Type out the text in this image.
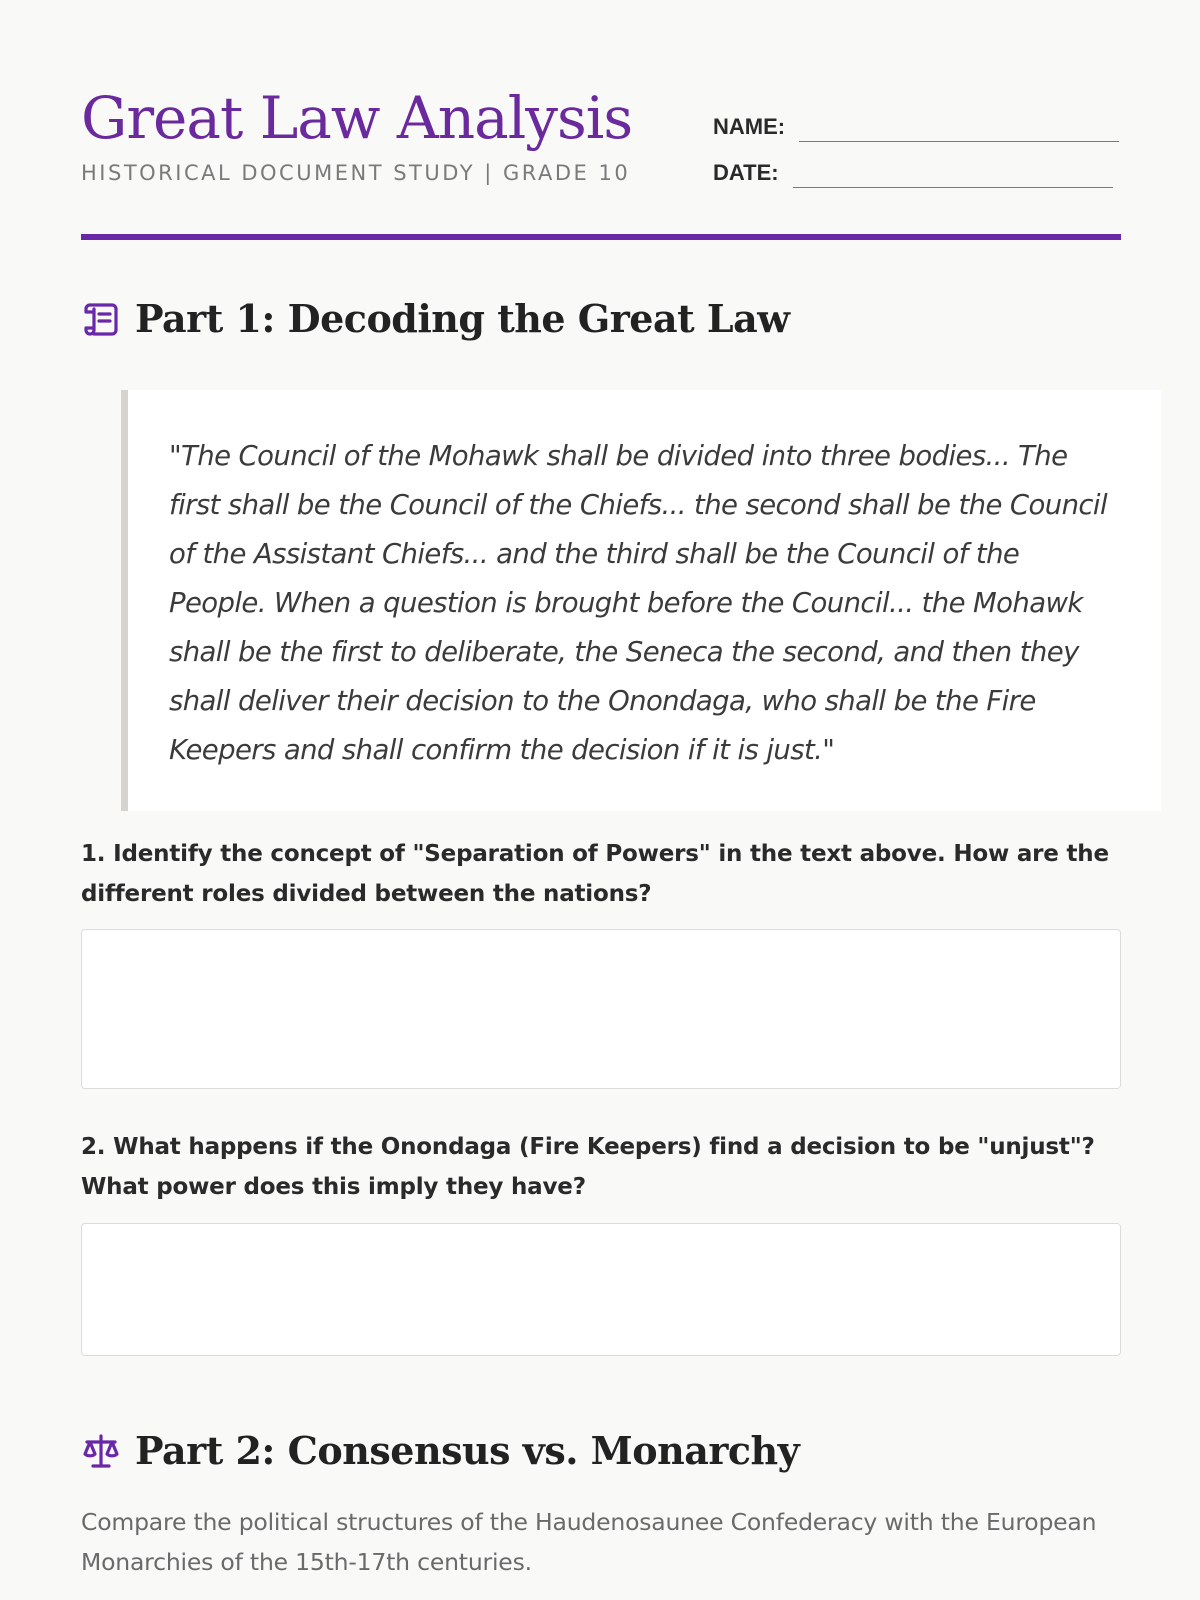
Great Law Analysis
HISTORICAL DOCUMENT STUDY | GRADE 10
NAME:
DATE:
Part 1: Decoding the Great Law

"The Council of the Mohawk shall be divided into three bodies... The first shall be the Council of the Chiefs... the second shall be the Council of the Assistant Chiefs... and the third shall be the Council of the People. When a question is brought before the Council... the Mohawk shall be the first to deliberate, the Seneca the second, and then they shall deliver their decision to the Onondaga, who shall be the Fire Keepers and shall confirm the decision if it is just."

1. Identify the concept of "Separation of Powers" in the text above. How are the different roles divided between the nations?

2. What happens if the Onondaga (Fire Keepers) find a decision to be "unjust"? What power does this imply they have?

Part 2: Consensus vs. Monarchy

Compare the political structures of the Haudenosaunee Confederacy with the European Monarchies of the 15th-17th centuries.
